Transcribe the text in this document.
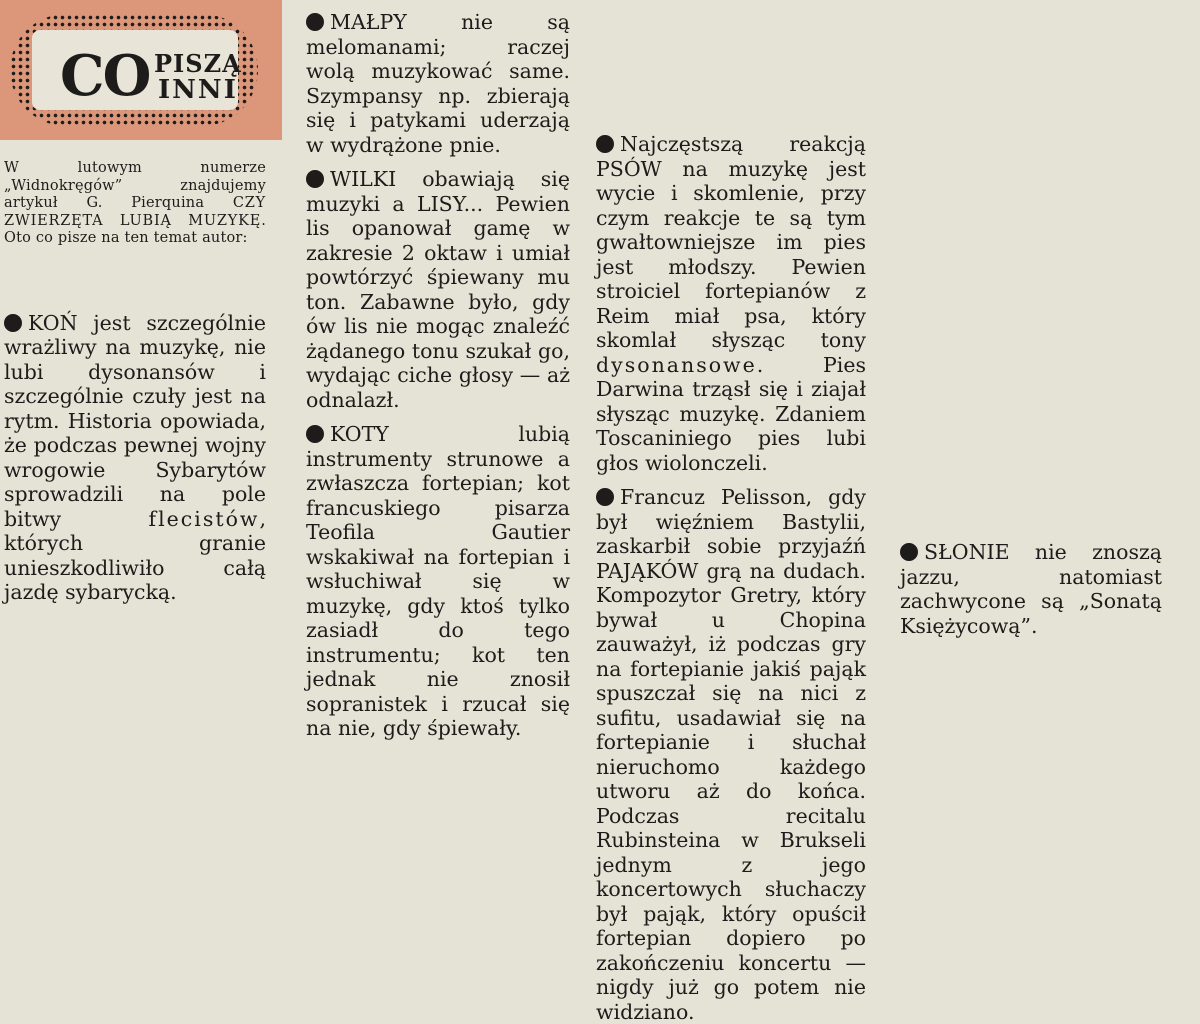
CO PISZĄ
INNI
W lutowym numerze „Widnokręgów” znajdujemy artykuł G. Pierquina CZY ZWIERZĘTA LUBIĄ MUZYKĘ. Oto co pisze na ten temat autor:

KOŃ jest szczególnie wrażliwy na muzykę, nie lubi dysonansów i szczególnie czuły jest na rytm. Historia opowiada, że podczas pewnej wojny wrogowie Sybarytów sprowadzili na pole bitwy flecistów, których granie unieszkodliwiło całą jazdę sybarycką.

MAŁPY nie są melomanami; raczej wolą muzykować same. Szympansy np. zbierają się i patykami uderzają w wydrążone pnie.

WILKI obawiają się muzyki a LISY... Pewien lis opanował gamę w zakresie 2 oktaw i umiał powtórzyć śpiewany mu ton. Zabawne było, gdy ów lis nie mogąc znaleźć żądanego tonu szukał go, wydając ciche głosy — aż odnalazł.

KOTY lubią instrumenty strunowe a zwłaszcza fortepian; kot francuskiego pisarza Teofila Gautier wskakiwał na fortepian i wsłuchiwał się w muzykę, gdy ktoś tylko zasiadł do tego instrumentu; kot ten jednak nie znosił sopranistek i rzucał się na nie, gdy śpiewały.

Najczęstszą reakcją PSÓW na muzykę jest wycie i skomlenie, przy czym reakcje te są tym gwałtowniejsze im pies jest młodszy. Pewien stroiciel fortepianów z Reim miał psa, który skomlał słysząc tony dysonansowe. Pies Darwina trząsł się i ziajał słysząc muzykę. Zdaniem Toscaniniego pies lubi głos wiolonczeli.

Francuz Pelisson, gdy był więźniem Bastylii, zaskarbił sobie przyjaźń PAJĄKÓW grą na dudach. Kompozytor Gretry, który bywał u Chopina zauważył, iż podczas gry na fortepianie jakiś pająk spuszczał się na nici z sufitu, usadawiał się na fortepianie i słuchał nieruchomo każdego utworu aż do końca. Podczas recitalu Rubinsteina w Brukseli jednym z jego koncertowych słuchaczy był pająk, który opuścił fortepian dopiero po zakończeniu koncertu — nigdy już go potem nie widziano.

SŁONIE nie znoszą jazzu, natomiast zachwycone są „Sonatą Księżycową”.
